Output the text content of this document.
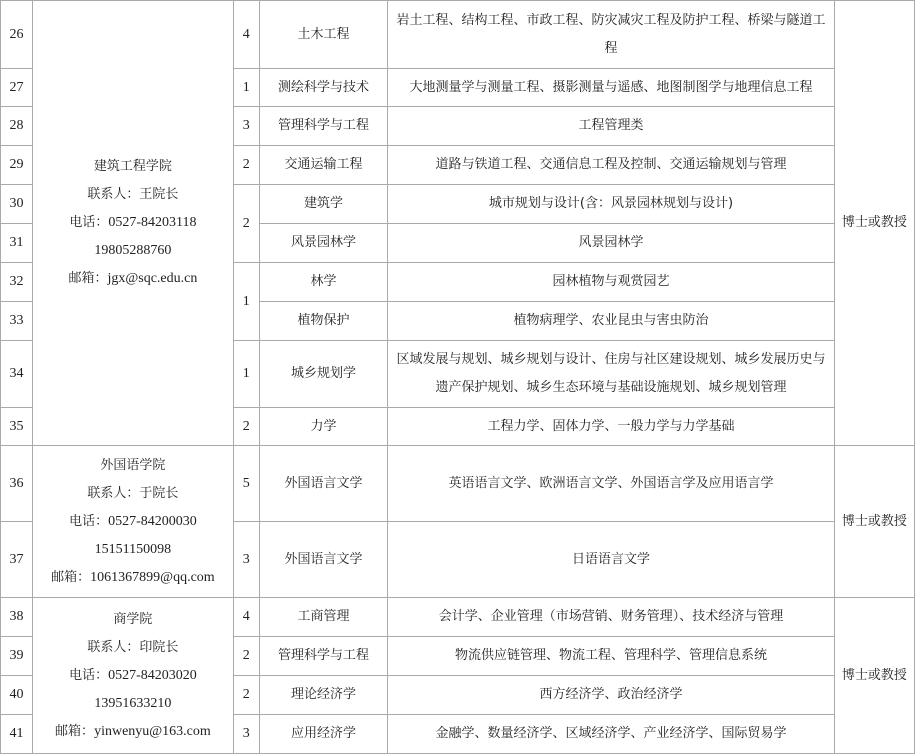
26	建筑工程学院
联系人：王院长
电话：0527-84203118
19805288760
邮箱：jgx@sqc.edu.cn	4	土木工程	岩土工程、结构工程、市政工程、防灾减灾工程及防护工程、桥梁与隧道工程	博士或教授
27		1	测绘科学与技术	大地测量学与测量工程、摄影测量与遥感、地图制图学与地理信息工程	
28		3	管理科学与工程	工程管理类	
29		2	交通运输工程	道路与铁道工程、交通信息工程及控制、交通运输规划与管理	
30		2	建筑学	城市规划与设计(含：风景园林规划与设计)	
31			风景园林学	风景园林学	
32		1	林学	园林植物与观赏园艺	
33			植物保护	植物病理学、农业昆虫与害虫防治	
34		1	城乡规划学	区域发展与规划、城乡规划与设计、住房与社区建设规划、城乡发展历史与遗产保护规划、城乡生态环境与基础设施规划、城乡规划管理	
35		2	力学	工程力学、固体力学、一般力学与力学基础	
36	外国语学院
联系人：于院长
电话：0527-84200030
15151150098
邮箱：1061367899@qq.com	5	外国语言文学	英语语言文学、欧洲语言文学、外国语言学及应用语言学	博士或教授
37		3	外国语言文学	日语语言文学	
38	商学院
联系人：印院长
电话：0527-84203020
13951633210
邮箱：yinwenyu@163.com	4	工商管理	会计学、企业管理（市场营销、财务管理）、技术经济与管理	博士或教授
39		2	管理科学与工程	物流供应链管理、物流工程、管理科学、管理信息系统	
40		2	理论经济学	西方经济学、政治经济学	
41		3	应用经济学	金融学、数量经济学、区域经济学、产业经济学、国际贸易学	
